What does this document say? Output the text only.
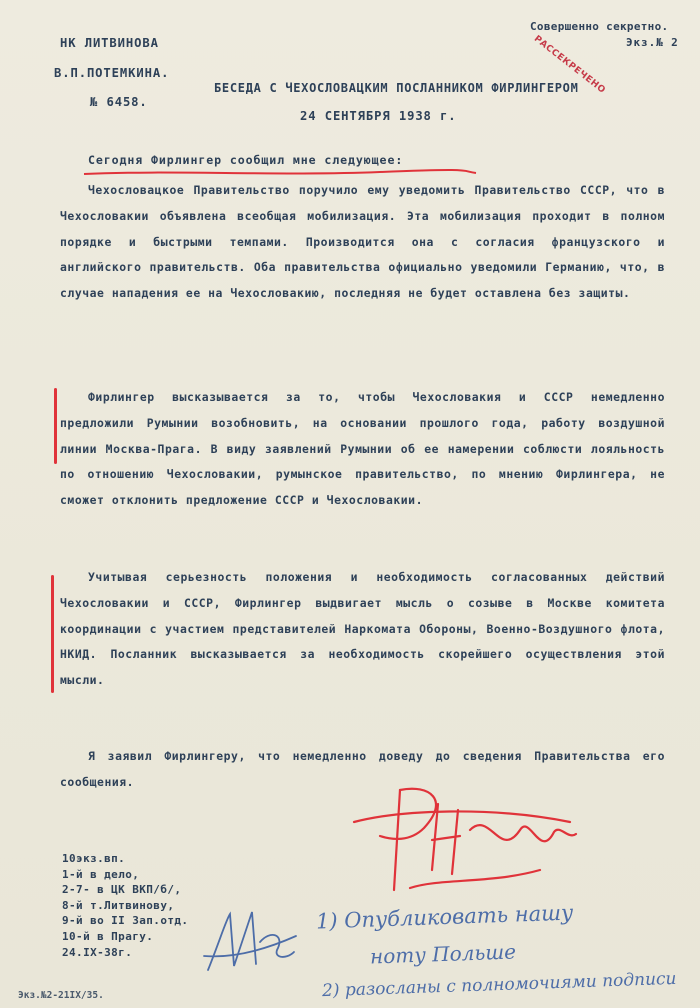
НК ЛИТВИНОВА
В.П.ПОТЕМКИНА.
№ 6458.
Совершенно секретно.
Экз.№ 2
РАССЕКРЕЧЕНО
БЕСЕДА С ЧЕХОСЛОВАЦКИМ ПОСЛАННИКОМ ФИРЛИНГЕРОМ
24 СЕНТЯБРЯ 1938 г.
Сегодня Фирлингер сообщил мне следующее:

Чехословацкое Правительство поручило ему уведомить Правительство СССР, что в Чехословакии объявлена всеобщая мобилизация. Эта мобилизация проходит в полном порядке и быстрыми темпами. Производится она с согласия французского и английского правительств. Оба правительства официально уведомили Германию, что, в случае нападения ее на Чехословакию, последняя не будет оставлена без защиты.

Фирлингер высказывается за то, чтобы Чехословакия и СССР немедленно предложили Румынии возобновить, на основании прошлого года, работу воздушной линии Москва-Прага. В виду заявлений Румынии об ее намерении соблюсти лояльность по отношению Чехословакии, румынское правительство, по мнению Фирлингера, не сможет отклонить предложение СССР и Чехословакии.

Учитывая серьезность положения и необходимость согласованных действий Чехословакии и СССР, Фирлингер выдвигает мысль о созыве в Москве комитета координации с участием представителей Наркомата Обороны, Военно-Воздушного флота, НКИД. Посланник высказывается за необходимость скорейшего осуществления этой мысли.

Я заявил Фирлингеру, что немедленно доведу до сведения Правительства его сообщения.

10экз.вп.
1-й в дело,
2-7- в ЦК ВКП/б/,
8-й т.Литвинову,
9-й во II Зап.отд.
10-й в Прагу.
24.IX-38г.
1) Опубликовать нашу
ноту Польше
2) разосланы с полномочиями подписи
Экз.№2-21IX/35.
